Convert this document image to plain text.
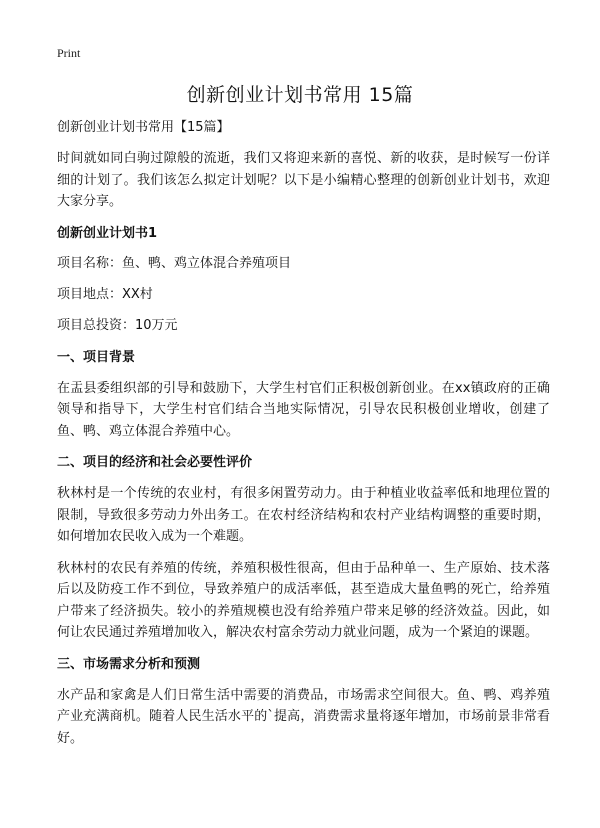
Print
创新创业计划书常用 15篇
创新创业计划书常用【15篇】

时间就如同白驹过隙般的流逝，我们又将迎来新的喜悦、新的收获，是时候写一份详细的计划了。我们该怎么拟定计划呢？以下是小编精心整理的创新创业计划书，欢迎大家分享。

创新创业计划书1
项目名称：鱼、鸭、鸡立体混合养殖项目
项目地点：XX村
项目总投资：10万元
一、项目背景

在盂县委组织部的引导和鼓励下，大学生村官们正积极创新创业。在xx镇政府的正确领导和指导下，大学生村官们结合当地实际情况，引导农民积极创业增收，创建了鱼、鸭、鸡立体混合养殖中心。

二、项目的经济和社会必要性评价

秋林村是一个传统的农业村，有很多闲置劳动力。由于种植业收益率低和地理位置的限制，导致很多劳动力外出务工。在农村经济结构和农村产业结构调整的重要时期，如何增加农民收入成为一个难题。

秋林村的农民有养殖的传统，养殖积极性很高，但由于品种单一、生产原始、技术落后以及防疫工作不到位，导致养殖户的成活率低，甚至造成大量鱼鸭的死亡，给养殖户带来了经济损失。较小的养殖规模也没有给养殖户带来足够的经济效益。因此，如何让农民通过养殖增加收入，解决农村富余劳动力就业问题，成为一个紧迫的课题。

三、市场需求分析和预测

水产品和家禽是人们日常生活中需要的消费品，市场需求空间很大。鱼、鸭、鸡养殖产业充满商机。随着人民生活水平的`提高，消费需求量将逐年增加，市场前景非常看好。
